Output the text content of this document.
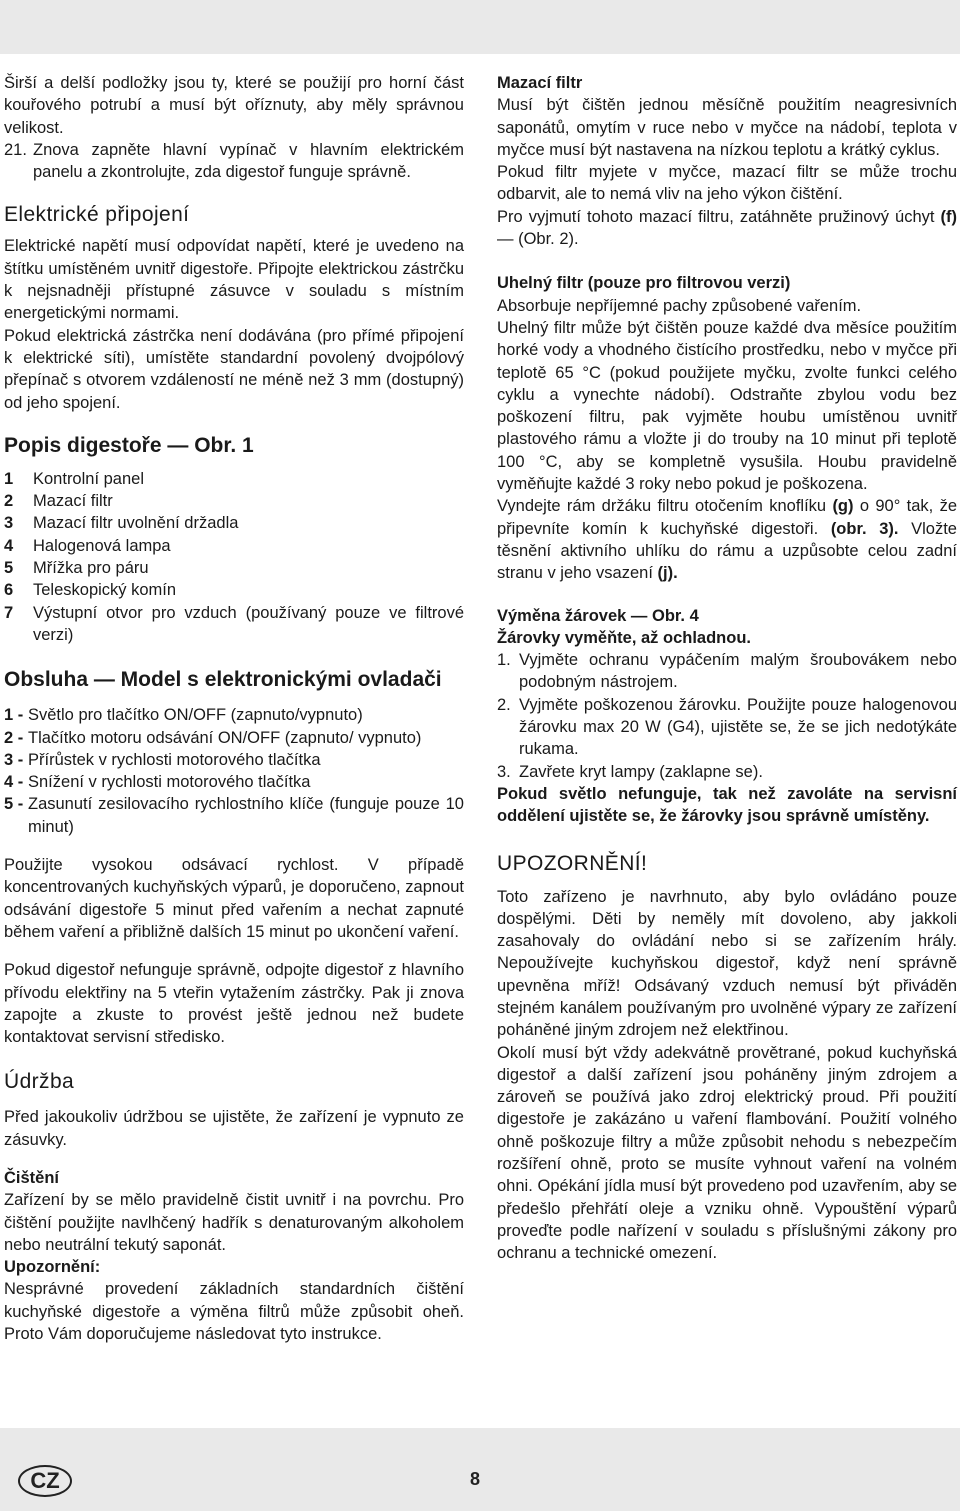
Širší a delší podložky jsou ty, které se použijí pro horní část kouřového potrubí a musí být oříznuty, aby měly správnou velikost.

21. Znova zapněte hlavní vypínač v hlavním elektrickém panelu a zkontrolujte, zda digestoř funguje správně.

Elektrické připojení

Elektrické napětí musí odpovídat napětí, které je uvedeno na štítku umístěném uvnitř digestoře. Připojte elektrickou zástrčku k nejsnadněji přístupné zásuvce v souladu s místním energetickými normami.

Pokud elektrická zástrčka není dodávána (pro přímé připojení k elektrické síti), umístěte standardní povolený dvojpólový přepínač s otvorem vzdáleností ne méně než 3 mm (dostupný) od jeho spojení.

Popis digestoře — Obr. 1

1	Kontrolní panel
2	Mazací filtr
3	Mazací filtr uvolnění držadla
4	Halogenová lampa
5	Mřížka pro páru
6	Teleskopický komín
7	Výstupní otvor pro vzduch (používaný pouze ve filtrové verzi)

Obsluha — Model s elektronickými ovladači

1 - Světlo pro tlačítko ON/OFF (zapnuto/vypnuto)
2 - Tlačítko motoru odsávání ON/OFF (zapnuto/ vypnuto)
3 - Přírůstek v rychlosti motorového tlačítka
4 - Snížení v rychlosti motorového tlačítka
5 - Zasunutí zesilovacího rychlostního klíče (funguje pouze 10 minut)

Použijte vysokou odsávací rychlost. V případě koncentrovaných kuchyňských výparů, je doporučeno, zapnout odsávání digestoře 5 minut před vařením a nechat zapnuté během vaření a přibližně dalších 15 minut po ukončení vaření.

Pokud digestoř nefunguje správně, odpojte digestoř z hlavního přívodu elektřiny na 5 vteřin vytažením zástrčky. Pak ji znova zapojte a zkuste to provést ještě jednou než budete kontaktovat servisní středisko.

Údržba

Před jakoukoliv údržbou se ujistěte, že zařízení je vypnuto ze zásuvky.

Čištění

Zařízení by se mělo pravidelně čistit uvnitř i na povrchu. Pro čištění použijte navlhčený hadřík s denaturovaným alkoholem nebo neutrální tekutý saponát.

Upozornění:

Nesprávné provedení základních standardních čištění kuchyňské digestoře a výměna filtrů může způsobit oheň. Proto Vám doporučujeme následovat tyto instrukce.

Mazací filtr

Musí být čištěn jednou měsíčně použitím neagresivních saponátů, omytím v ruce nebo v myčce na nádobí, teplota v myčce musí být nastavena na nízkou teplotu a krátký cyklus.

Pokud filtr myjete v myčce, mazací filtr se může trochu odbarvit, ale to nemá vliv na jeho výkon čištění.

Pro vyjmutí tohoto mazací filtru, zatáhněte pružinový úchyt (f) — (Obr. 2).

Uhelný filtr (pouze pro filtrovou verzi)

Absorbuje nepříjemné pachy způsobené vařením.

Uhelný filtr může být čištěn pouze každé dva měsíce použitím horké vody a vhodného čistícího prostředku, nebo v myčce při teplotě 65 °C (pokud použijete myčku, zvolte funkci celého cyklu a vynechte nádobí). Odstraňte zbylou vodu bez poškození filtru, pak vyjměte houbu umístěnou uvnitř plastového rámu a vložte ji do trouby na 10 minut při teplotě 100 °C, aby se kompletně vysušila. Houbu pravidelně vyměňujte každé 3 roky nebo pokud je poškozena.

Vyndejte rám držáku filtru otočením knoflíku (g) o 90° tak, že připevníte komín k kuchyňské digestoři. (obr. 3). Vložte těsnění aktivního uhlíku do rámu a uzpůsobte celou zadní stranu v jeho vsazení (j).

Výměna žárovek — Obr. 4

Žárovky vyměňte, až ochladnou.

1. Vyjměte ochranu vypáčením malým šroubovákem nebo podobným nástrojem.
2. Vyjměte poškozenou žárovku. Použijte pouze halogenovou žárovku max 20 W (G4), ujistěte se, že se jich nedotýkáte rukama.
3. Zavřete kryt lampy (zaklapne se).

Pokud světlo nefunguje, tak než zavoláte na servisní oddělení ujistěte se, že žárovky jsou správně umístěny.

UPOZORNĚNÍ!

Toto zařízeno je navrhnuto, aby bylo ovládáno pouze dospělými. Děti by neměly mít dovoleno, aby jakkoli zasahovaly do ovládání nebo si se zařízením hrály. Nepoužívejte kuchyňskou digestoř, když není správně upevněna mříž! Odsávaný vzduch nemusí být přiváděn stejném kanálem používaným pro uvolněné výpary ze zařízení poháněné jiným zdrojem než elektřinou.

Okolí musí být vždy adekvátně provětrané, pokud kuchyňská digestoř a další zařízení jsou poháněny jiným zdrojem a zároveň se používá jako zdroj elektrický proud. Při použití digestoře je zakázáno u vaření flambování. Použití volného ohně poškozuje filtry a může způsobit nehodu s nebezpečím rozšíření ohně, proto se musíte vyhnout vaření na volném ohni. Opékání jídla musí být provedeno pod uzavřením, aby se předešlo přehřátí oleje a vzniku ohně. Vypouštění výparů proveďte podle nařízení v souladu s příslušnými zákony pro ochranu a technické omezení.

CZ	8
